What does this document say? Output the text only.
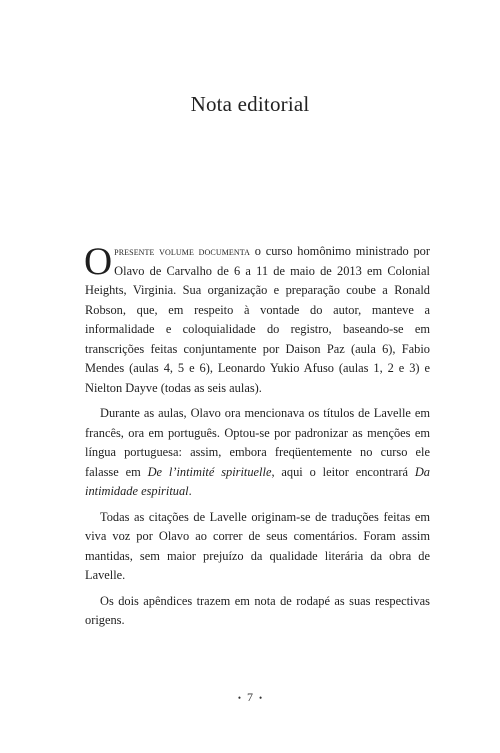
Nota editorial

Opresente volume documenta o curso homônimo ministrado por Olavo de Carvalho de 6 a 11 de maio de 2013 em Colonial Heights, Virginia. Sua organização e preparação coube a Ronald Robson, que, em respeito à vontade do autor, manteve a informalidade e coloquialidade do registro, baseando-se em transcrições feitas conjuntamente por Daison Paz (aula 6), Fabio Mendes (aulas 4, 5 e 6), Leonardo Yukio Afuso (aulas 1, 2 e 3) e Nielton Dayve (todas as seis aulas).

Durante as aulas, Olavo ora mencionava os títulos de Lavelle em francês, ora em português. Optou-se por padronizar as menções em língua portuguesa: assim, embora freqüentemente no curso ele falasse em De l’intimité spirituelle, aqui o leitor encontrará Da intimidade espiritual.

Todas as citações de Lavelle originam-se de traduções feitas em viva voz por Olavo ao correr de seus comentários. Foram assim mantidas, sem maior prejuízo da qualidade literária da obra de Lavelle.

Os dois apêndices trazem em nota de rodapé as suas respectivas origens.

• 7 •
